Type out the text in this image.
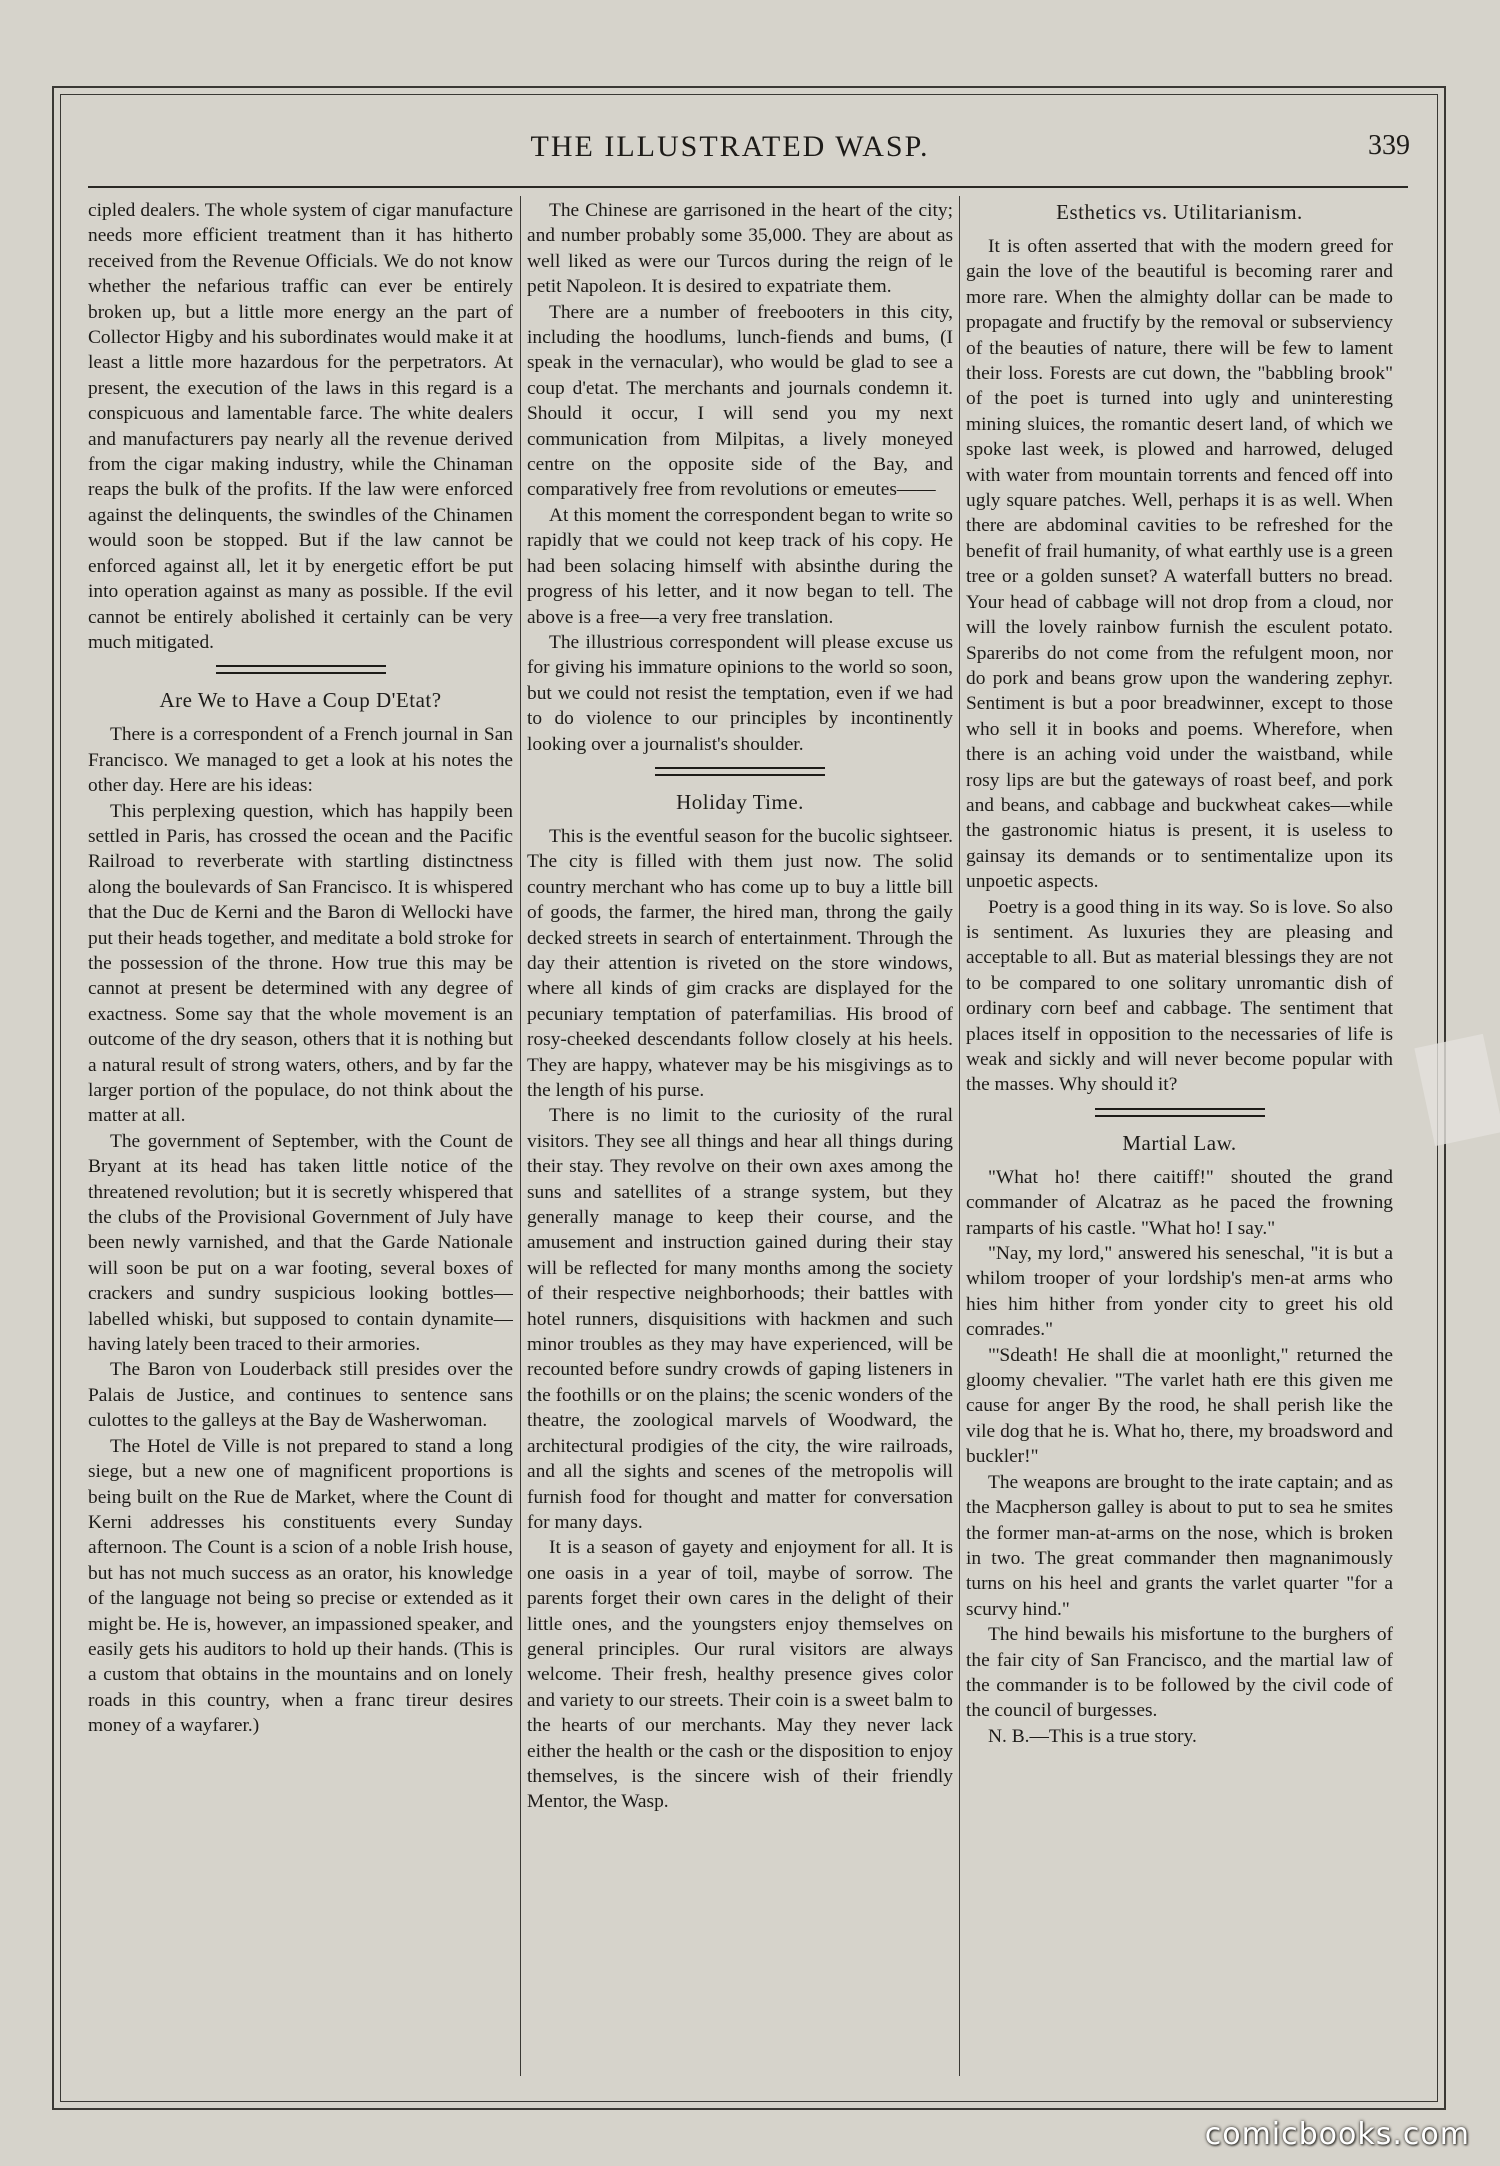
THE ILLUSTRATED WASP.	339

cipled dealers. The whole system of cigar manufacture needs more efficient treatment than it has hitherto received from the Revenue Officials. We do not know whether the nefarious traffic can ever be entirely broken up, but a little more energy an the part of Collector Higby and his subordinates would make it at least a little more hazardous for the perpetrators. At present, the execution of the laws in this regard is a conspicuous and lamentable farce. The white dealers and manufacturers pay nearly all the revenue derived from the cigar making industry, while the Chinaman reaps the bulk of the profits. If the law were enforced against the delinquents, the swindles of the Chinamen would soon be stopped. But if the law cannot be enforced against all, let it by energetic effort be put into operation against as many as possible. If the evil cannot be entirely abolished it certainly can be very much mitigated.

Are We to Have a Coup D'Etat?

There is a correspondent of a French journal in San Francisco. We managed to get a look at his notes the other day. Here are his ideas:

This perplexing question, which has happily been settled in Paris, has crossed the ocean and the Pacific Railroad to reverberate with startling distinctness along the boulevards of San Francisco. It is whispered that the Duc de Kerni and the Baron di Wellocki have put their heads together, and meditate a bold stroke for the possession of the throne. How true this may be cannot at present be determined with any degree of exactness. Some say that the whole movement is an outcome of the dry season, others that it is nothing but a natural result of strong waters, others, and by far the larger portion of the populace, do not think about the matter at all.

The government of September, with the Count de Bryant at its head has taken little notice of the threatened revolution; but it is secretly whispered that the clubs of the Provisional Government of July have been newly varnished, and that the Garde Nationale will soon be put on a war footing, several boxes of crackers and sundry suspicious looking bottles—labelled whiski, but supposed to contain dynamite—having lately been traced to their armories.

The Baron von Louderback still presides over the Palais de Justice, and continues to sentence sans culottes to the galleys at the Bay de Washerwoman.

The Hotel de Ville is not prepared to stand a long siege, but a new one of magnificent proportions is being built on the Rue de Market, where the Count di Kerni addresses his constituents every Sunday afternoon. The Count is a scion of a noble Irish house, but has not much success as an orator, his knowledge of the language not being so precise or extended as it might be. He is, however, an impassioned speaker, and easily gets his auditors to hold up their hands. (This is a custom that obtains in the mountains and on lonely roads in this country, when a franc tireur desires money of a wayfarer.)

The Chinese are garrisoned in the heart of the city; and number probably some 35,000. They are about as well liked as were our Turcos during the reign of le petit Napoleon. It is desired to expatriate them.

There are a number of freebooters in this city, including the hoodlums, lunch-fiends and bums, (I speak in the vernacular), who would be glad to see a coup d'etat. The merchants and journals condemn it. Should it occur, I will send you my next communication from Milpitas, a lively moneyed centre on the opposite side of the Bay, and comparatively free from revolutions or emeutes——

At this moment the correspondent began to write so rapidly that we could not keep track of his copy. He had been solacing himself with absinthe during the progress of his letter, and it now began to tell. The above is a free—a very free translation.

The illustrious correspondent will please excuse us for giving his immature opinions to the world so soon, but we could not resist the temptation, even if we had to do violence to our principles by incontinently looking over a journalist's shoulder.

Holiday Time.

This is the eventful season for the bucolic sightseer. The city is filled with them just now. The solid country merchant who has come up to buy a little bill of goods, the farmer, the hired man, throng the gaily decked streets in search of entertainment. Through the day their attention is riveted on the store windows, where all kinds of gim cracks are displayed for the pecuniary temptation of paterfamilias. His brood of rosy-cheeked descendants follow closely at his heels. They are happy, whatever may be his misgivings as to the length of his purse.

There is no limit to the curiosity of the rural visitors. They see all things and hear all things during their stay. They revolve on their own axes among the suns and satellites of a strange system, but they generally manage to keep their course, and the amusement and instruction gained during their stay will be reflected for many months among the society of their respective neighborhoods; their battles with hotel runners, disquisitions with hackmen and such minor troubles as they may have experienced, will be recounted before sundry crowds of gaping listeners in the foothills or on the plains; the scenic wonders of the theatre, the zoological marvels of Woodward, the architectural prodigies of the city, the wire railroads, and all the sights and scenes of the metropolis will furnish food for thought and matter for conversation for many days.

It is a season of gayety and enjoyment for all. It is one oasis in a year of toil, maybe of sorrow. The parents forget their own cares in the delight of their little ones, and the youngsters enjoy themselves on general principles. Our rural visitors are always welcome. Their fresh, healthy presence gives color and variety to our streets. Their coin is a sweet balm to the hearts of our merchants. May they never lack either the health or the cash or the disposition to enjoy themselves, is the sincere wish of their friendly Mentor, the Wasp.

Esthetics vs. Utilitarianism.

It is often asserted that with the modern greed for gain the love of the beautiful is becoming rarer and more rare. When the almighty dollar can be made to propagate and fructify by the removal or subserviency of the beauties of nature, there will be few to lament their loss. Forests are cut down, the "babbling brook" of the poet is turned into ugly and uninteresting mining sluices, the romantic desert land, of which we spoke last week, is plowed and harrowed, deluged with water from mountain torrents and fenced off into ugly square patches. Well, perhaps it is as well. When there are abdominal cavities to be refreshed for the benefit of frail humanity, of what earthly use is a green tree or a golden sunset? A waterfall butters no bread. Your head of cabbage will not drop from a cloud, nor will the lovely rainbow furnish the esculent potato. Spareribs do not come from the refulgent moon, nor do pork and beans grow upon the wandering zephyr. Sentiment is but a poor breadwinner, except to those who sell it in books and poems. Wherefore, when there is an aching void under the waistband, while rosy lips are but the gateways of roast beef, and pork and beans, and cabbage and buckwheat cakes—while the gastronomic hiatus is present, it is useless to gainsay its demands or to sentimentalize upon its unpoetic aspects.

Poetry is a good thing in its way. So is love. So also is sentiment. As luxuries they are pleasing and acceptable to all. But as material blessings they are not to be compared to one solitary unromantic dish of ordinary corn beef and cabbage. The sentiment that places itself in opposition to the necessaries of life is weak and sickly and will never become popular with the masses. Why should it?

Martial Law.

"What ho! there caitiff!" shouted the grand commander of Alcatraz as he paced the frowning ramparts of his castle. "What ho! I say."

"Nay, my lord," answered his seneschal, "it is but a whilom trooper of your lordship's men-at arms who hies him hither from yonder city to greet his old comrades."

"'Sdeath! He shall die at moonlight," returned the gloomy chevalier. "The varlet hath ere this given me cause for anger By the rood, he shall perish like the vile dog that he is. What ho, there, my broadsword and buckler!"

The weapons are brought to the irate captain; and as the Macpherson galley is about to put to sea he smites the former man-at-arms on the nose, which is broken in two. The great commander then magnanimously turns on his heel and grants the varlet quarter "for a scurvy hind."

The hind bewails his misfortune to the burghers of the fair city of San Francisco, and the martial law of the commander is to be followed by the civil code of the council of burgesses.

N. B.—This is a true story.

comicbooks.com
